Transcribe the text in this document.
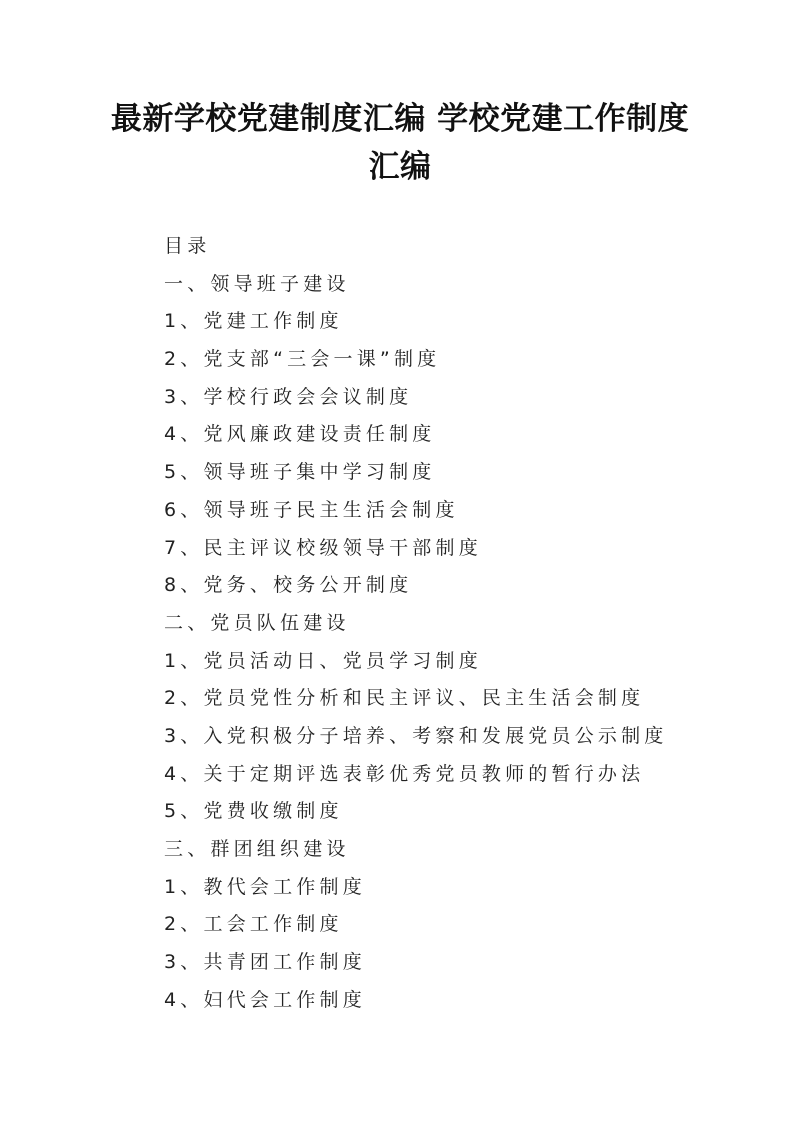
最新学校党建制度汇编 学校党建工作制度
汇编
目录
一、领导班子建设
1、党建工作制度
2、党支部“三会一课”制度
3、学校行政会会议制度
4、党风廉政建设责任制度
5、领导班子集中学习制度
6、领导班子民主生活会制度
7、民主评议校级领导干部制度
8、党务、校务公开制度
二、党员队伍建设
1、党员活动日、党员学习制度
2、党员党性分析和民主评议、民主生活会制度
3、入党积极分子培养、考察和发展党员公示制度
4、关于定期评选表彰优秀党员教师的暂行办法
5、党费收缴制度
三、群团组织建设
1、教代会工作制度
2、工会工作制度
3、共青团工作制度
4、妇代会工作制度
